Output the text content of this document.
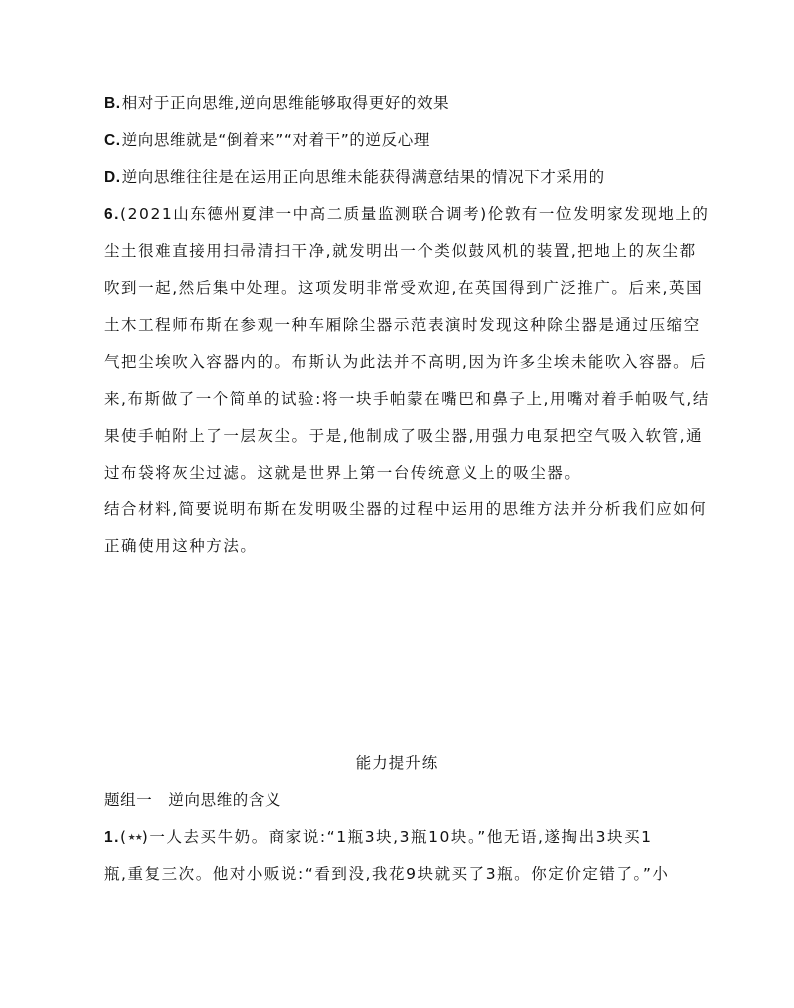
B.相对于正向思维,逆向思维能够取得更好的效果
C.逆向思维就是“倒着来”“对着干”的逆反心理
D.逆向思维往往是在运用正向思维未能获得满意结果的情况下才采用的
6.(2021山东德州夏津一中高二质量监测联合调考)伦敦有一位发明家发现地上的
尘土很难直接用扫帚清扫干净,就发明出一个类似鼓风机的装置,把地上的灰尘都
吹到一起,然后集中处理。这项发明非常受欢迎,在英国得到广泛推广。后来,英国
土木工程师布斯在参观一种车厢除尘器示范表演时发现这种除尘器是通过压缩空
气把尘埃吹入容器内的。布斯认为此法并不高明,因为许多尘埃未能吹入容器。后
来,布斯做了一个简单的试验:将一块手帕蒙在嘴巴和鼻子上,用嘴对着手帕吸气,结
果使手帕附上了一层灰尘。于是,他制成了吸尘器,用强力电泵把空气吸入软管,通
过布袋将灰尘过滤。这就是世界上第一台传统意义上的吸尘器。
结合材料,简要说明布斯在发明吸尘器的过程中运用的思维方法并分析我们应如何
正确使用这种方法。
能力提升练
题组一　逆向思维的含义
1.(★★)一人去买牛奶。商家说:“1瓶3块,3瓶10块。”他无语,遂掏出3块买1
瓶,重复三次。他对小贩说:“看到没,我花9块就买了3瓶。你定价定错了。”小
